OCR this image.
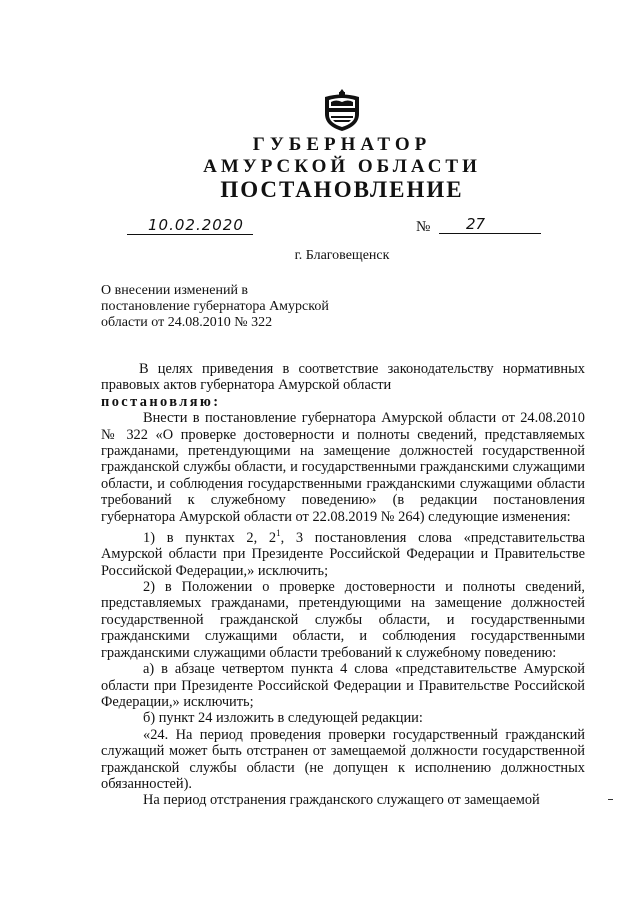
ГУБЕРНАТОР
АМУРСКОЙ ОБЛАСТИ
ПОСТАНОВЛЕНИЕ
10.02.2020	№ 27
г. Благовещенск
О внесении изменений в
постановление губернатора Амурской
области от 24.08.2010 № 322

В целях приведения в соответствие законодательству нормативных правовых актов губернатора Амурской области

постановляю:

Внести в постановление губернатора Амурской области от 24.08.2010 № 322 «О проверке достоверности и полноты сведений, представляемых гражданами, претендующими на замещение должностей государственной гражданской службы области, и государственными гражданскими служащими области, и соблюдения государственными гражданскими служащими области требований к служебному поведению» (в редакции постановления губернатора Амурской области от 22.08.2019 № 264) следующие изменения:

1) в пунктах 2, $2^1$, 3 постановления слова «представительства Амурской области при Президенте Российской Федерации и Правительстве Российской Федерации,» исключить;

2) в Положении о проверке достоверности и полноты сведений, представляемых гражданами, претендующими на замещение должностей государственной гражданской службы области, и государственными гражданскими служащими области, и соблюдения государственными гражданскими служащими области требований к служебному поведению:

а) в абзаце четвертом пункта 4 слова «представительстве Амурской области при Президенте Российской Федерации и Правительстве Российской Федерации,» исключить;

б) пункт 24 изложить в следующей редакции:

«24. На период проведения проверки государственный гражданский служащий может быть отстранен от замещаемой должности государственной гражданской службы области (не допущен к исполнению должностных обязанностей).

На период отстранения гражданского служащего от замещаемой
